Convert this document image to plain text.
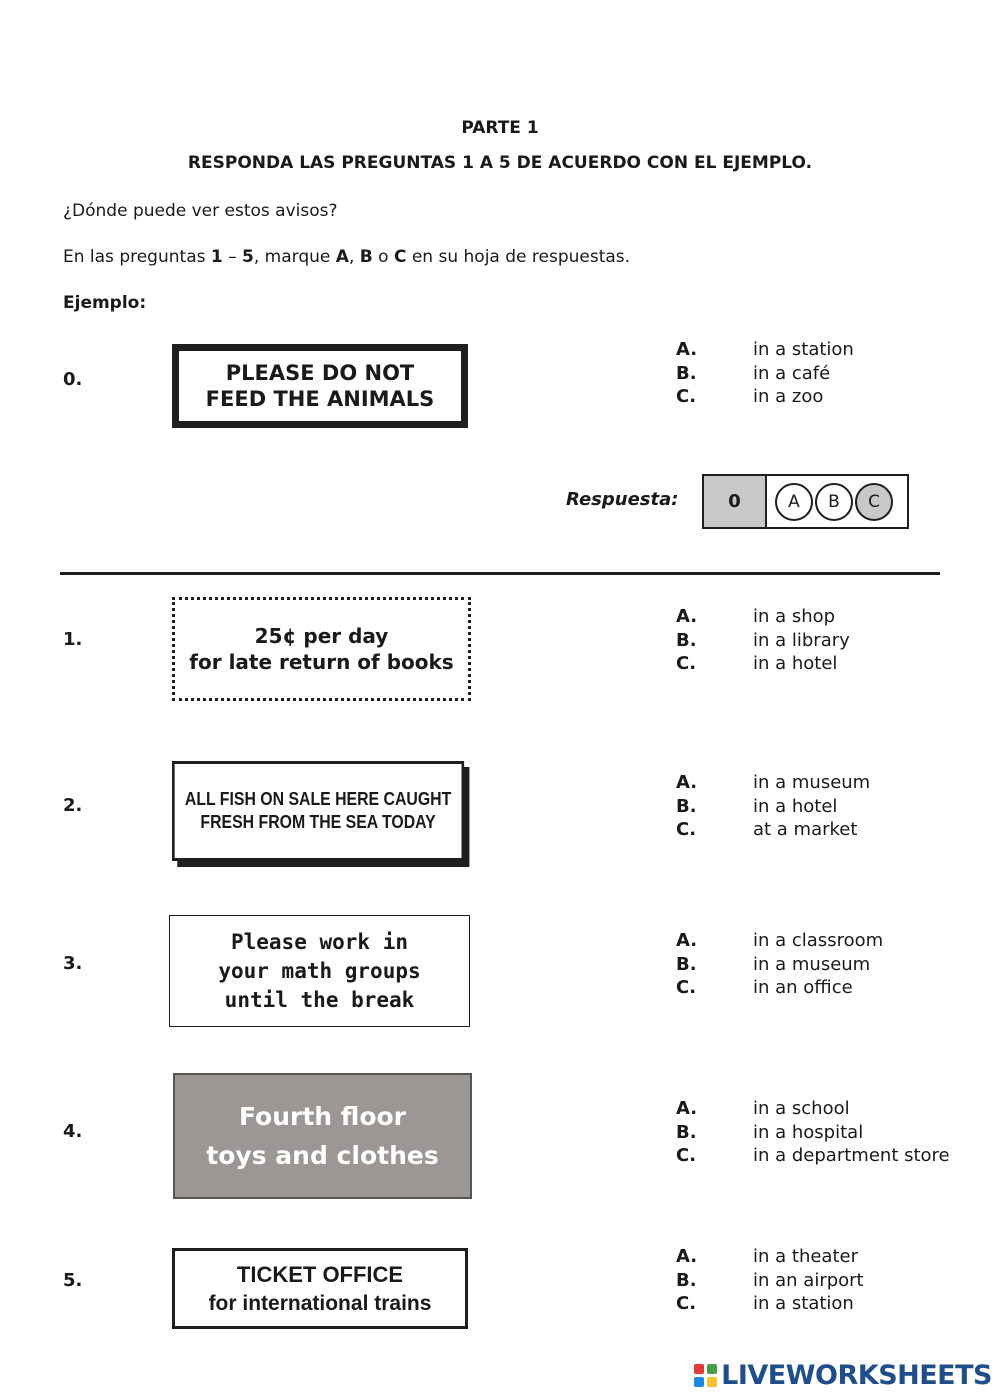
PARTE 1
RESPONDA LAS PREGUNTAS 1 A 5 DE ACUERDO CON EL EJEMPLO.
¿Dónde puede ver estos avisos?
En las preguntas 1 – 5, marque A, B o C en su hoja de respuestas.
Ejemplo:
0.	PLEASE DO NOT
FEED THE ANIMALS
A.	in a station
B.	in a café
C.	in a zoo
Respuesta:	0	A	B	C
1.	25¢ per day
for late return of books
A.	in a shop
B.	in a library
C.	in a hotel
2.	ALL FISH ON SALE HERE CAUGHT
FRESH FROM THE SEA TODAY
A.	in a museum
B.	in a hotel
C.	at a market
3.
Please work in
your math groups
until the break
A.	in a classroom
B.	in a museum
C.	in an office
4.
Fourth floor
toys and clothes
A.	in a school
B.	in a hospital
C.	in a department store
5.	TICKET OFFICE
for international trains
A.	in a theater
B.	in an airport
C.	in a station
LIVEWORKSHEETS
